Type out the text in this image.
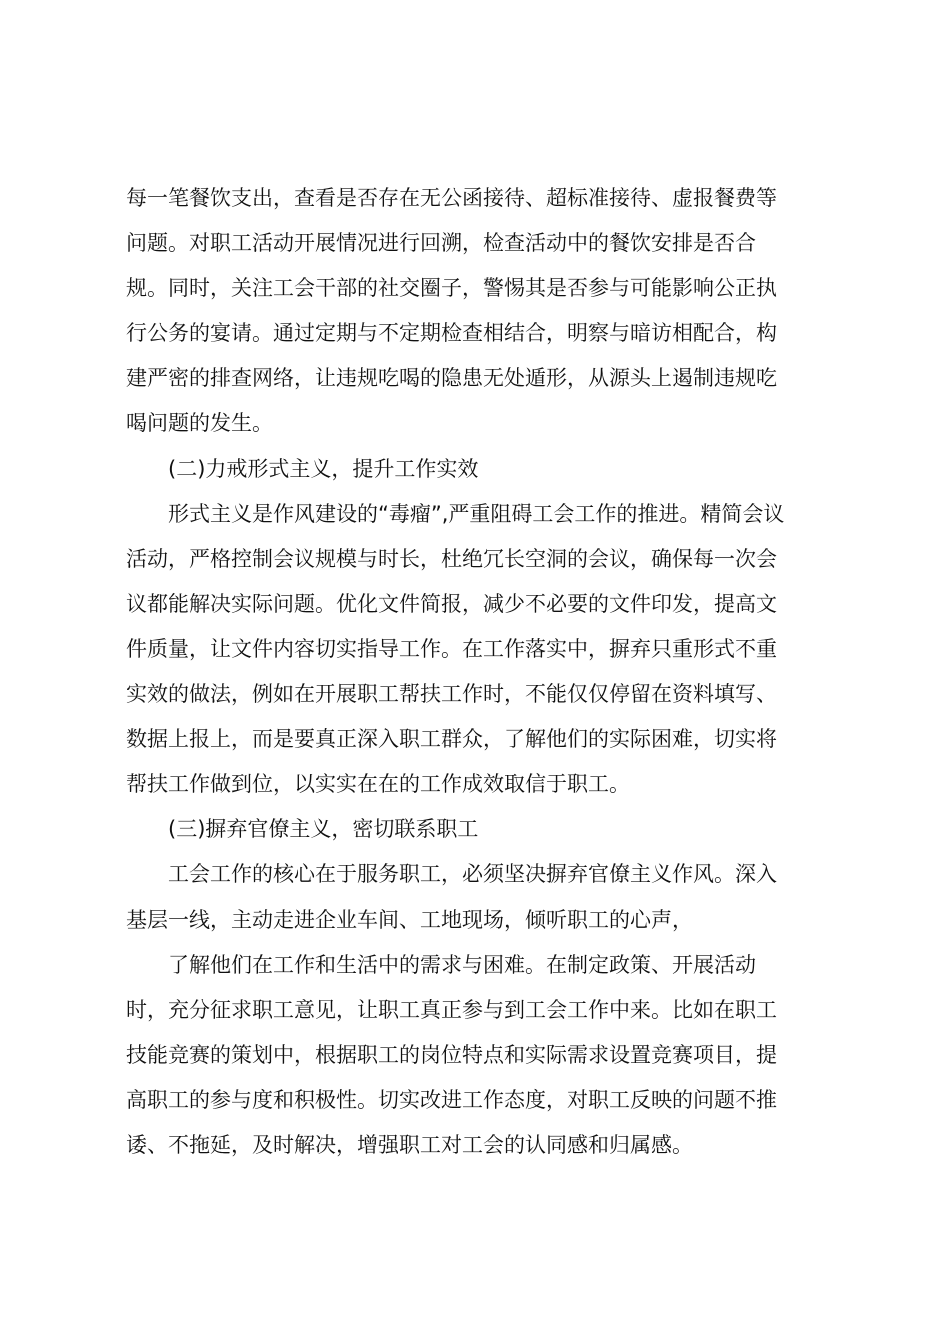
每一笔餐饮支出，查看是否存在无公函接待、超标准接待、虚报餐费等
问题。对职工活动开展情况进行回溯，检查活动中的餐饮安排是否合
规。同时，关注工会干部的社交圈子，警惕其是否参与可能影响公正执
行公务的宴请。通过定期与不定期检查相结合，明察与暗访相配合，构
建严密的排查网络，让违规吃喝的隐患无处遁形，从源头上遏制违规吃
喝问题的发生。
(二)力戒形式主义，提升工作实效
形式主义是作风建设的“毒瘤”,严重阻碍工会工作的推进。精简会议
活动，严格控制会议规模与时长，杜绝冗长空洞的会议，确保每一次会
议都能解决实际问题。优化文件简报，减少不必要的文件印发，提高文
件质量，让文件内容切实指导工作。在工作落实中，摒弃只重形式不重
实效的做法，例如在开展职工帮扶工作时，不能仅仅停留在资料填写、
数据上报上，而是要真正深入职工群众，了解他们的实际困难，切实将
帮扶工作做到位，以实实在在的工作成效取信于职工。
(三)摒弃官僚主义，密切联系职工
工会工作的核心在于服务职工，必须坚决摒弃官僚主义作风。深入
基层一线，主动走进企业车间、工地现场，倾听职工的心声，
了解他们在工作和生活中的需求与困难。在制定政策、开展活动
时，充分征求职工意见，让职工真正参与到工会工作中来。比如在职工
技能竞赛的策划中，根据职工的岗位特点和实际需求设置竞赛项目，提
高职工的参与度和积极性。切实改进工作态度，对职工反映的问题不推
诿、不拖延，及时解决，增强职工对工会的认同感和归属感。
